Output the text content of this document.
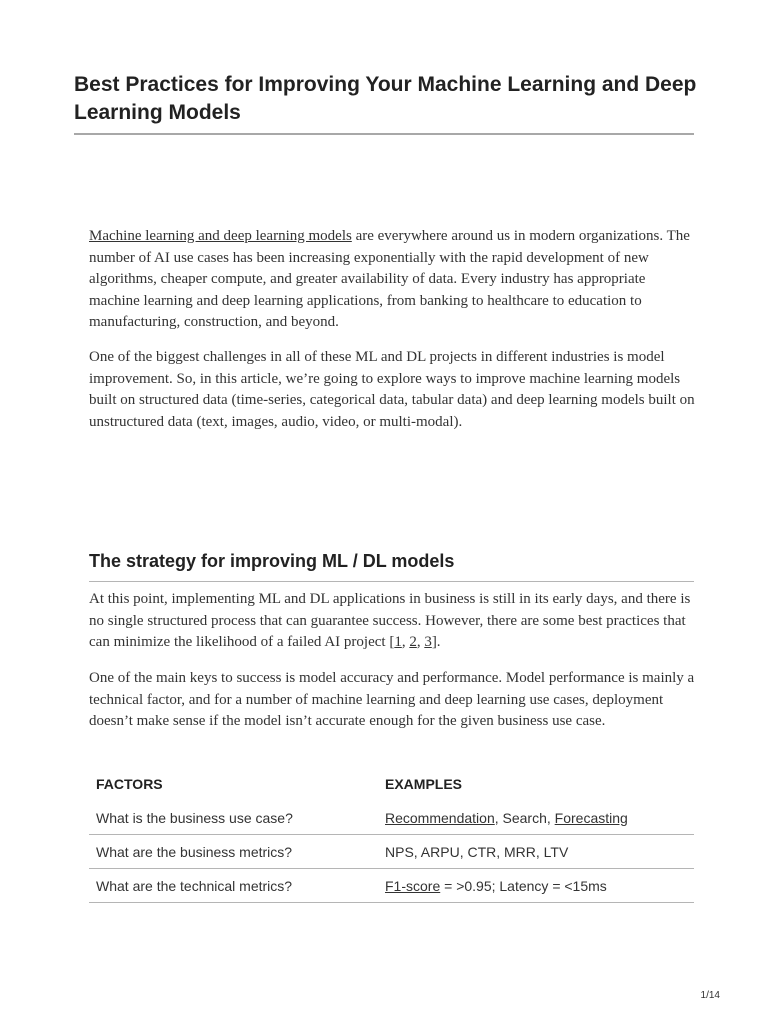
Best Practices for Improving Your Machine Learning and Deep Learning Models

Machine learning and deep learning models are everywhere around us in modern organizations. The number of AI use cases has been increasing exponentially with the rapid development of new algorithms, cheaper compute, and greater availability of data. Every industry has appropriate machine learning and deep learning applications, from banking to healthcare to education to manufacturing, construction, and beyond.

One of the biggest challenges in all of these ML and DL projects in different industries is model improvement. So, in this article, we’re going to explore ways to improve machine learning models built on structured data (time-series, categorical data, tabular data) and deep learning models built on unstructured data (text, images, audio, video, or multi-modal).

The strategy for improving ML / DL models

At this point, implementing ML and DL applications in business is still in its early days, and there is no single structured process that can guarantee success. However, there are some best practices that can minimize the likelihood of a failed AI project [1, 2, 3].

One of the main keys to success is model accuracy and performance. Model performance is mainly a technical factor, and for a number of machine learning and deep learning use cases, deployment doesn’t make sense if the model isn’t accurate enough for the given business use case.

FACTORS	EXAMPLES
What is the business use case?	Recommendation, Search, Forecasting
What are the business metrics?	NPS, ARPU, CTR, MRR, LTV
What are the technical metrics?	F1-score = >0.95; Latency = <15ms
1/14
